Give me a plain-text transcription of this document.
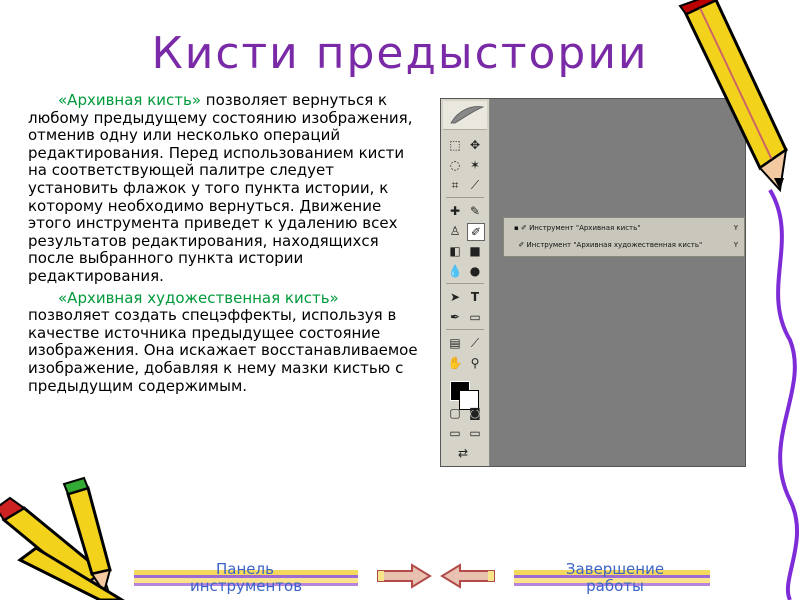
Кисти предыстории

«Архивная кисть» позволяет вернуться к любому предыдущему состоянию изображения, отменив одну или несколько операций редактирования. Перед использованием кисти на соответствующей палитре следует установить флажок у того пункта истории, к которому необходимо вернуться. Движение этого инструмента приведет к удалению всех результатов редактирования, находящихся после выбранного пункта истории редактирования.

«Архивная художественная кисть» позволяет создать спецэффекты, используя в качестве источника предыдущее состояние изображения. Она искажает восстанавливаемое изображение, добавляя к нему мазки кистью с предыдущим содержимым.

⬚ ✥
◌ ✶
⌗	⟋
✚ ✎
♙ ✐
◧ ■
💧 ●
➤ T
✒ ▭
▤ ⟋
✋ ⚲
▢ ◙
▭ ▭
⇄
▪ ✐ Инструмент "Архивная кисть"	Y
✐ Инструмент "Архивная художественная кисть"	Y
Панель инструментов
Завершение работы
